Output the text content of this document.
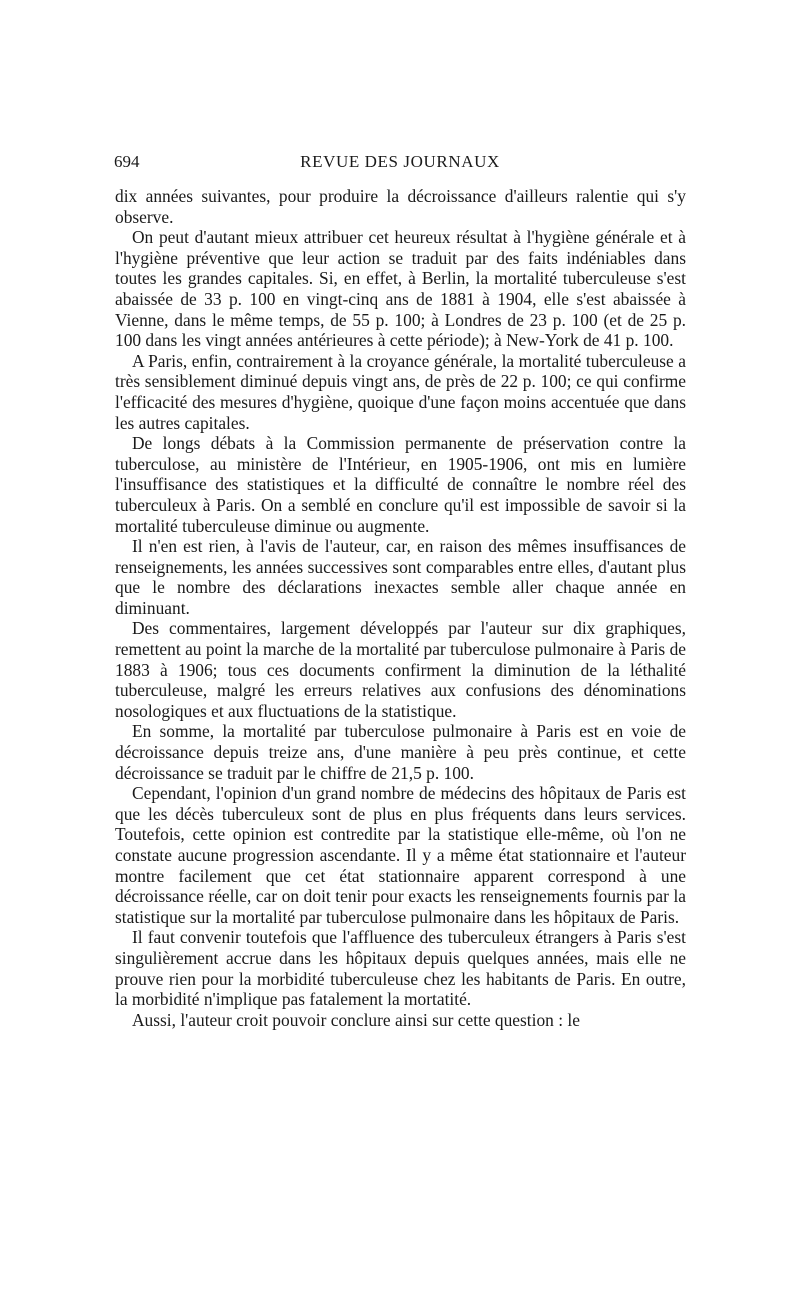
694	REVUE DES JOURNAUX

dix années suivantes, pour produire la décroissance d'ailleurs ralentie qui s'y observe.

On peut d'autant mieux attribuer cet heureux résultat à l'hygiène générale et à l'hygiène préventive que leur action se traduit par des faits indéniables dans toutes les grandes capitales. Si, en effet, à Berlin, la mortalité tuberculeuse s'est abaissée de 33 p. 100 en vingt-cinq ans de 1881 à 1904, elle s'est abaissée à Vienne, dans le même temps, de 55 p. 100; à Londres de 23 p. 100 (et de 25 p. 100 dans les vingt années antérieures à cette période); à New-York de 41 p. 100.

A Paris, enfin, contrairement à la croyance générale, la mortalité tuberculeuse a très sensiblement diminué depuis vingt ans, de près de 22 p. 100; ce qui confirme l'efficacité des mesures d'hygiène, quoique d'une façon moins accentuée que dans les autres capitales.

De longs débats à la Commission permanente de préservation contre la tuberculose, au ministère de l'Intérieur, en 1905-1906, ont mis en lumière l'insuffisance des statistiques et la difficulté de connaître le nombre réel des tuberculeux à Paris. On a semblé en conclure qu'il est impossible de savoir si la mortalité tuberculeuse diminue ou augmente.

Il n'en est rien, à l'avis de l'auteur, car, en raison des mêmes insuffisances de renseignements, les années successives sont comparables entre elles, d'autant plus que le nombre des déclarations inexactes semble aller chaque année en diminuant.

Des commentaires, largement développés par l'auteur sur dix graphiques, remettent au point la marche de la mortalité par tuberculose pulmonaire à Paris de 1883 à 1906; tous ces documents confirment la diminution de la léthalité tuberculeuse, malgré les erreurs relatives aux confusions des dénominations nosologiques et aux fluctuations de la statistique.

En somme, la mortalité par tuberculose pulmonaire à Paris est en voie de décroissance depuis treize ans, d'une manière à peu près continue, et cette décroissance se traduit par le chiffre de 21,5 p. 100.

Cependant, l'opinion d'un grand nombre de médecins des hôpitaux de Paris est que les décès tuberculeux sont de plus en plus fréquents dans leurs services. Toutefois, cette opinion est contredite par la statistique elle-même, où l'on ne constate aucune progression ascendante. Il y a même état stationnaire et l'auteur montre facilement que cet état stationnaire apparent correspond à une décroissance réelle, car on doit tenir pour exacts les renseignements fournis par la statistique sur la mortalité par tuberculose pulmonaire dans les hôpitaux de Paris.

Il faut convenir toutefois que l'affluence des tuberculeux étrangers à Paris s'est singulièrement accrue dans les hôpitaux depuis quelques années, mais elle ne prouve rien pour la morbidité tuberculeuse chez les habitants de Paris. En outre, la morbidité n'implique pas fatalement la mortatité.

Aussi, l'auteur croit pouvoir conclure ainsi sur cette question : le
